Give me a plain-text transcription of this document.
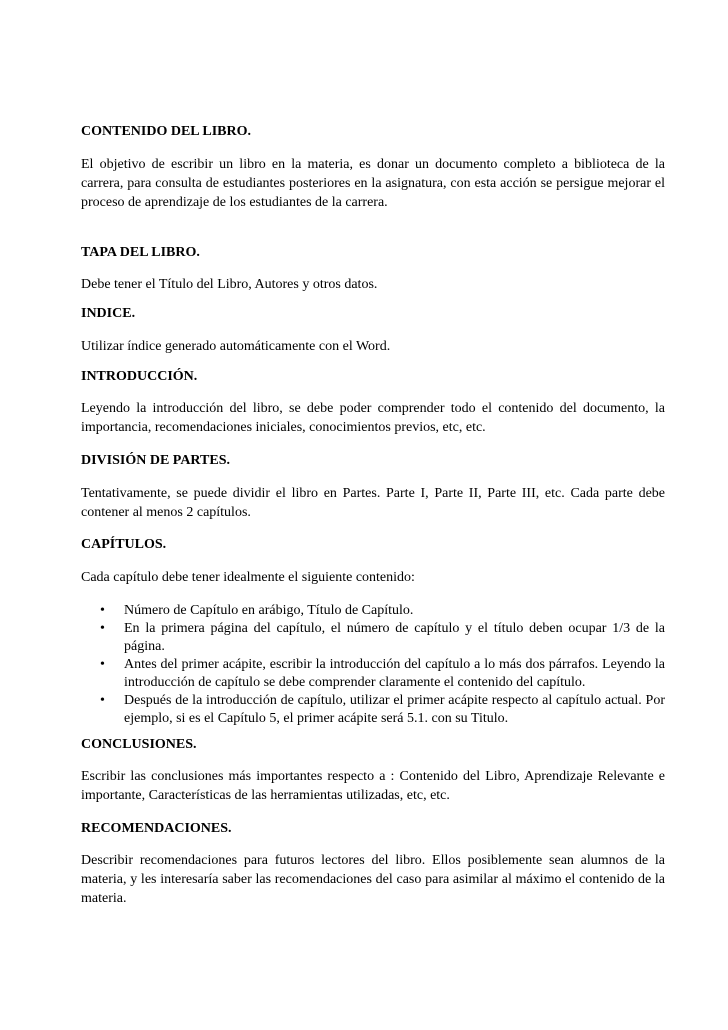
CONTENIDO DEL LIBRO.

El objetivo de escribir un libro en la materia, es donar un documento completo a biblioteca de la carrera, para consulta de estudiantes posteriores en la asignatura, con esta acción se persigue mejorar el proceso de aprendizaje de los estudiantes de la carrera.

TAPA DEL LIBRO.

Debe tener el Título del Libro, Autores y otros datos.

INDICE.

Utilizar índice generado automáticamente con el Word.

INTRODUCCIÓN.

Leyendo la introducción del libro, se debe poder comprender todo el contenido del documento, la importancia, recomendaciones iniciales, conocimientos previos, etc, etc.

DIVISIÓN DE PARTES.

Tentativamente, se puede dividir el libro en Partes. Parte I, Parte II, Parte III, etc. Cada parte debe contener al menos 2 capítulos.

CAPÍTULOS.

Cada capítulo debe tener idealmente el siguiente contenido:

• Número de Capítulo en arábigo, Título de Capítulo.
• En la primera página del capítulo, el número de capítulo y el título deben ocupar 1/3 de la página.
• Antes del primer acápite, escribir la introducción del capítulo a lo más dos párrafos. Leyendo la introducción de capítulo se debe comprender claramente el contenido del capítulo.
• Después de la introducción de capítulo, utilizar el primer acápite respecto al capítulo actual. Por ejemplo, si es el Capítulo 5, el primer acápite será 5.1. con su Titulo.
CONCLUSIONES.

Escribir las conclusiones más importantes respecto a : Contenido del Libro, Aprendizaje Relevante e importante, Características de las herramientas utilizadas, etc, etc.

RECOMENDACIONES.

Describir recomendaciones para futuros lectores del libro. Ellos posiblemente sean alumnos de la materia, y les interesaría saber las recomendaciones del caso para asimilar al máximo el contenido de la materia.
